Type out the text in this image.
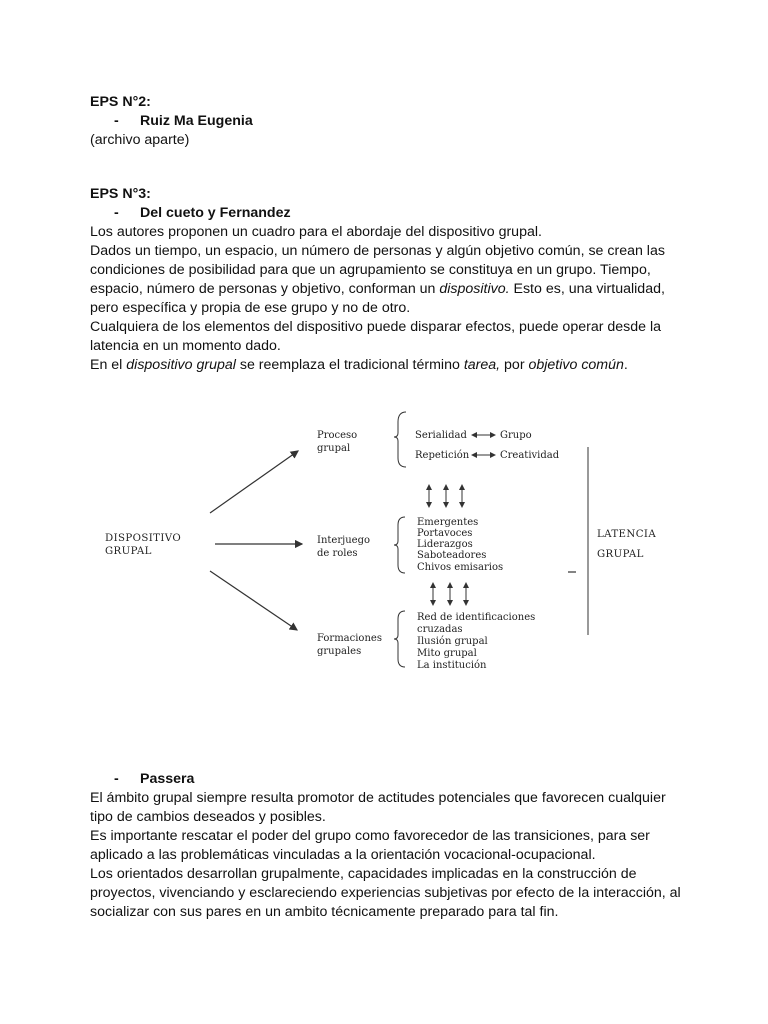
EPS N°2:

- Ruiz Ma Eugenia

(archivo aparte)

EPS N°3:

- Del cueto y Fernandez

Los autores proponen un cuadro para el abordaje del dispositivo grupal.

Dados un tiempo, un espacio, un número de personas y algún objetivo común, se crean las condiciones de posibilidad para que un agrupamiento se constituya en un grupo. Tiempo, espacio, número de personas y objetivo, conforman un dispositivo. Esto es, una virtualidad, pero específica y propia de ese grupo y no de otro.

Cualquiera de los elementos del dispositivo puede disparar efectos, puede operar desde la latencia en un momento dado.

En el dispositivo grupal se reemplaza el tradicional término tarea, por objetivo común.

DISPOSITIVO
GRUPAL
Proceso
grupal
Serialidad	Grupo
Repetición	Creatividad
Interjuego
de roles
Emergentes
Portavoces
Liderazgos
Saboteadores
Chivos emisarios
Formaciones
grupales
Red de identificaciones
cruzadas
Ilusión grupal
Mito grupal
La institución
LATENCIA
GRUPAL

- Passera

El ámbito grupal siempre resulta promotor de actitudes potenciales que favorecen cualquier tipo de cambios deseados y posibles.

Es importante rescatar el poder del grupo como favorecedor de las transiciones, para ser aplicado a las problemáticas vinculadas a la orientación vocacional-ocupacional.

Los orientados desarrollan grupalmente, capacidades implicadas en la construcción de proyectos, vivenciando y esclareciendo experiencias subjetivas por efecto de la interacción, al socializar con sus pares en un ambito técnicamente preparado para tal fin.
